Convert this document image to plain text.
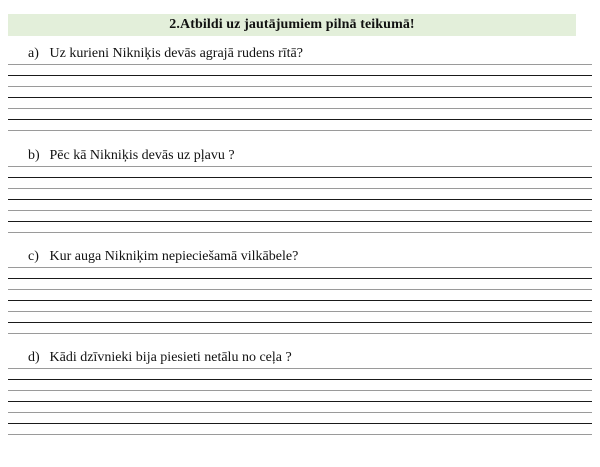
2.Atbildi uz jautājumiem pilnā teikumā!
a) Uz kurieni Nikniķis devās agrajā rudens rītā?
b) Pēc kā Nikniķis devās uz pļavu ?
c) Kur auga Nikniķim nepieciešamā vilkābele?
d) Kādi dzīvnieki bija piesieti netālu no ceļa ?
